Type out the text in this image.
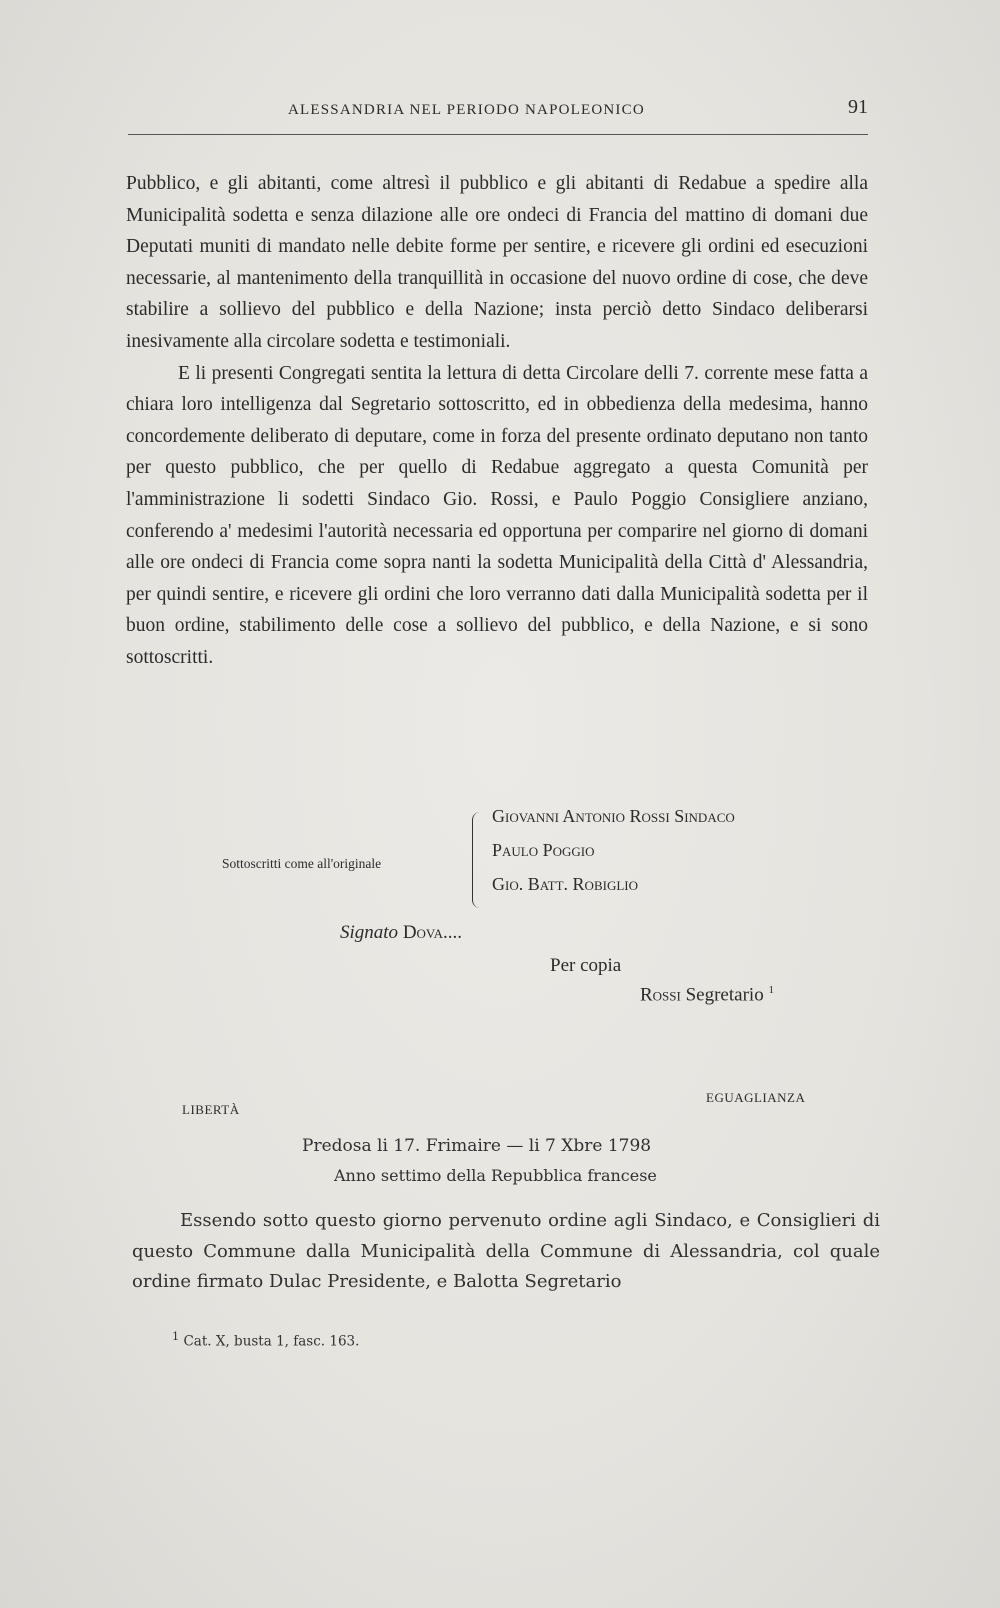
ALESSANDRIA NEL PERIODO NAPOLEONICO	91

Pubblico, e gli abitanti, come altresì il pubblico e gli abitanti di Redabue a spedire alla Municipalità sodetta e senza dilazione alle ore ondeci di Francia del mattino di domani due Deputati muniti di mandato nelle debite forme per sentire, e ricevere gli ordini ed esecuzioni necessarie, al mantenimento della tranquillità in occasione del nuovo ordine di cose, che deve stabilire a sollievo del pubblico e della Nazione; insta perciò detto Sindaco deliberarsi inesivamente alla circolare sodetta e testimoniali.

E li presenti Congregati sentita la lettura di detta Circolare delli 7. corrente mese fatta a chiara loro intelligenza dal Segretario sottoscritto, ed in obbedienza della medesima, hanno concordemente deliberato di deputare, come in forza del presente ordinato deputano non tanto per questo pubblico, che per quello di Redabue aggregato a questa Comunità per l'amministrazione li sodetti Sindaco Gio. Rossi, e Paulo Poggio Consigliere anziano, conferendo a' medesimi l'autorità necessaria ed opportuna per comparire nel giorno di domani alle ore ondeci di Francia come sopra nanti la sodetta Municipalità della Città d' Alessandria, per quindi sentire, e ricevere gli ordini che loro verranno dati dalla Municipalità sodetta per il buon ordine, stabilimento delle cose a sollievo del pubblico, e della Nazione, e si sono sottoscritti.

Sottoscritti come all'originale
Giovanni Antonio Rossi Sindaco
Paulo Poggio
Gio. Batt. Robiglio
Signato Dova....
Per copia
Rossi Segretario $^1$
LIBERTÀ
EGUAGLIANZA
Predosa li 17. Frimaire — li 7 Xbre 1798
Anno settimo della Repubblica francese

Essendo sotto questo giorno pervenuto ordine agli Sindaco, e Consiglieri di questo Commune dalla Municipalità della Commune di Alessandria, col quale ordine firmato Dulac Presidente, e Balotta Segretario

$^1$ Cat. X, busta 1, fasc. 163.
